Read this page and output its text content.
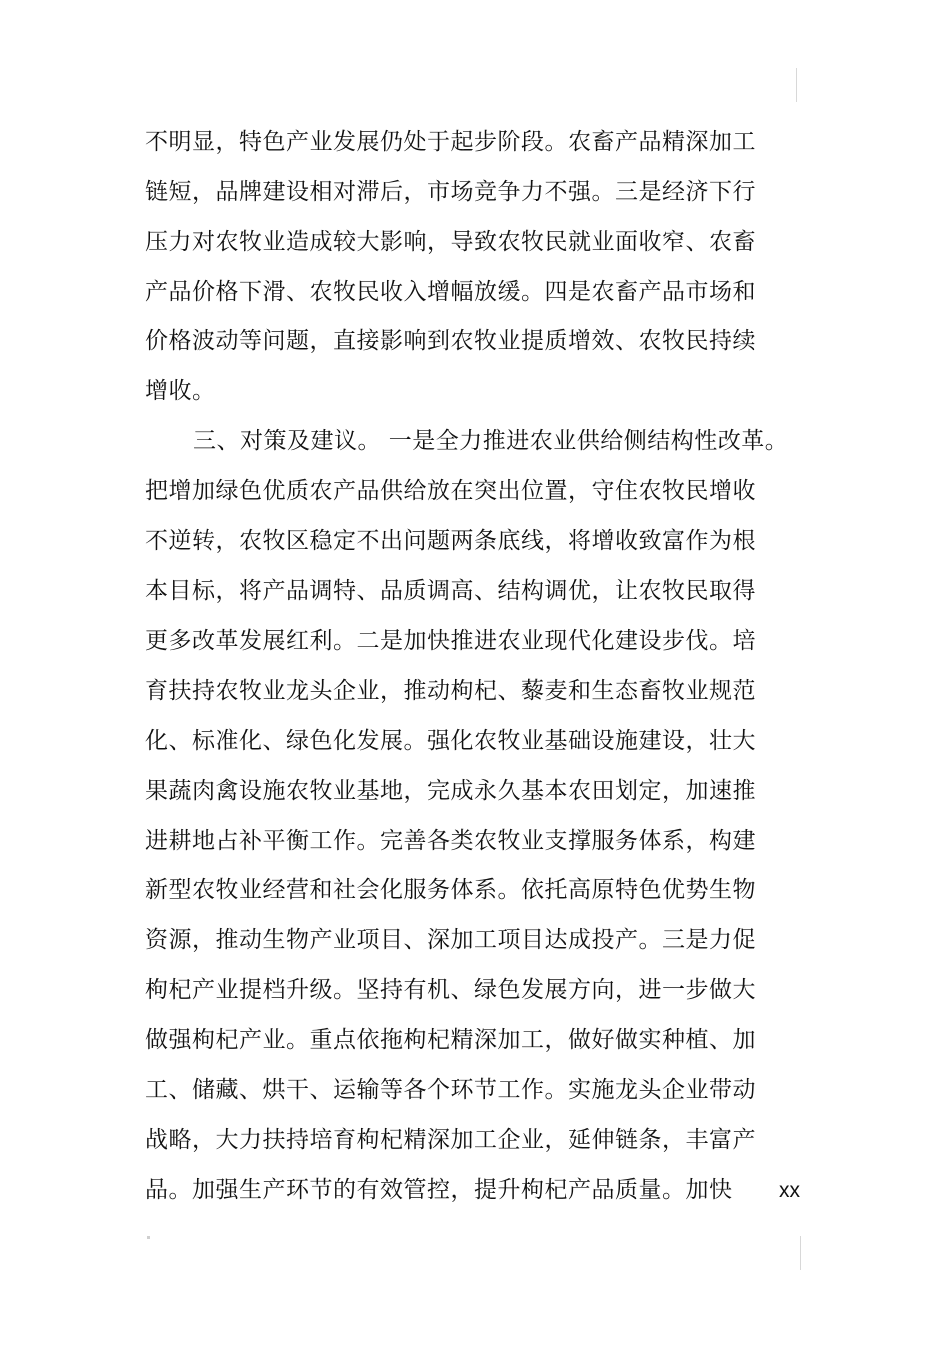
不明显，特色产业发展仍处于起步阶段。农畜产品精深加工
链短，品牌建设相对滞后，市场竞争力不强。三是经济下行
压力对农牧业造成较大影响，导致农牧民就业面收窄、农畜
产品价格下滑、农牧民收入增幅放缓。四是农畜产品市场和
价格波动等问题，直接影响到农牧业提质增效、农牧民持续
增收。
三、对策及建议。 一是全力推进农业供给侧结构性改革。
把增加绿色优质农产品供给放在突出位置，守住农牧民增收
不逆转，农牧区稳定不出问题两条底线，将增收致富作为根
本目标，将产品调特、品质调高、结构调优，让农牧民取得
更多改革发展红利。二是加快推进农业现代化建设步伐。培
育扶持农牧业龙头企业，推动枸杞、藜麦和生态畜牧业规范
化、标准化、绿色化发展。强化农牧业基础设施建设，壮大
果蔬肉禽设施农牧业基地，完成永久基本农田划定，加速推
进耕地占补平衡工作。完善各类农牧业支撑服务体系，构建
新型农牧业经营和社会化服务体系。依托高原特色优势生物
资源，推动生物产业项目、深加工项目达成投产。三是力促
枸杞产业提档升级。坚持有机、绿色发展方向，进一步做大
做强枸杞产业。重点依拖枸杞精深加工，做好做实种植、加
工、储藏、烘干、运输等各个环节工作。实施龙头企业带动
战略，大力扶持培育枸杞精深加工企业，延伸链条，丰富产
品。加强生产环节的有效管控，提升枸杞产品质量。加快 xx
